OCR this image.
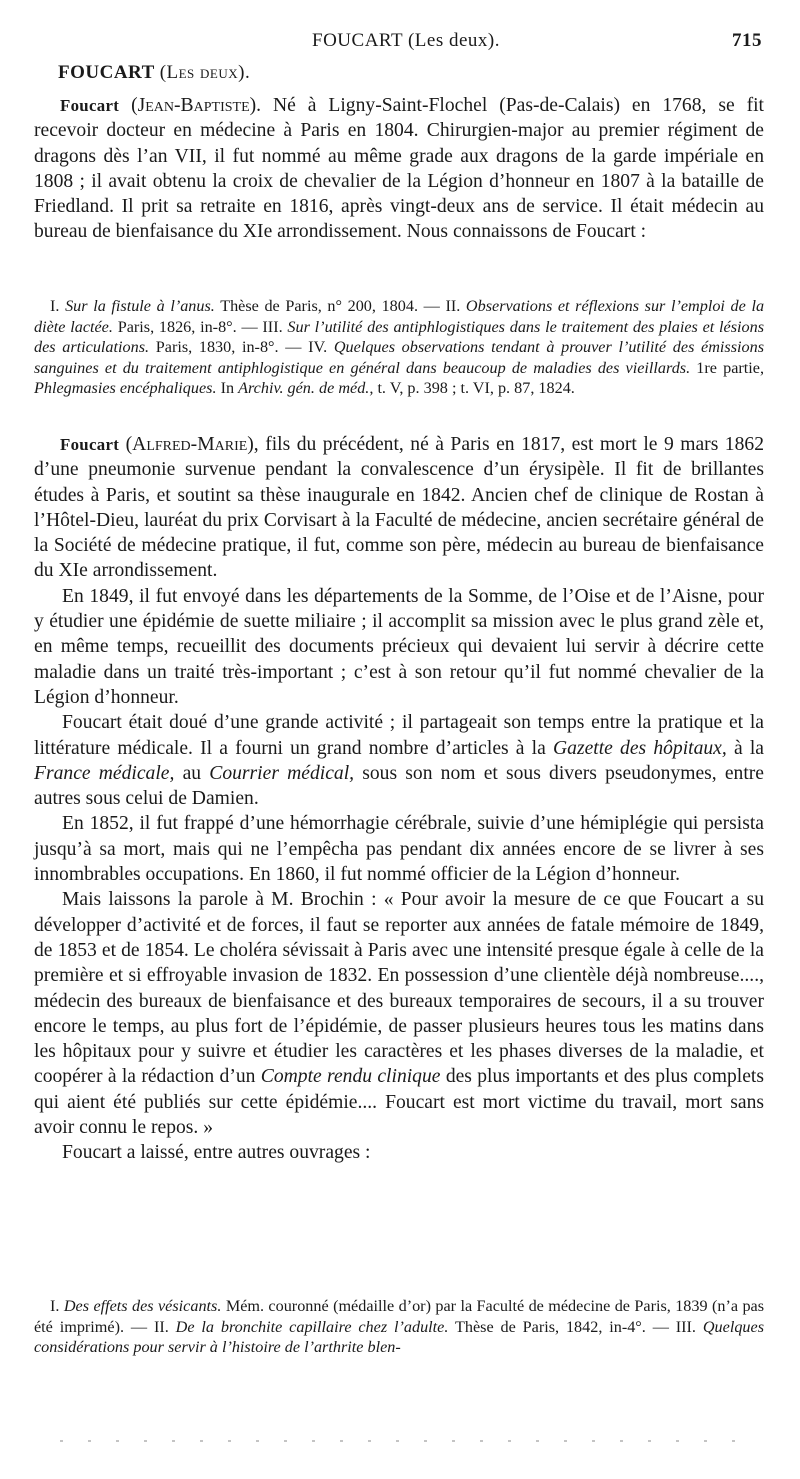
FOUCART (Les deux).	715
FOUCART (Les deux).

Foucart (Jean-Baptiste). Né à Ligny-Saint-Flochel (Pas-de-Calais) en 1768, se fit recevoir docteur en médecine à Paris en 1804. Chirurgien-major au premier régiment de dragons dès l’an VII, il fut nommé au même grade aux dragons de la garde impériale en 1808 ; il avait obtenu la croix de chevalier de la Légion d’honneur en 1807 à la bataille de Friedland. Il prit sa retraite en 1816, après vingt-deux ans de service. Il était médecin au bureau de bienfaisance du XIe arrondissement. Nous connaissons de Foucart :

I. Sur la fistule à l’anus. Thèse de Paris, n° 200, 1804. — II. Observations et réflexions sur l’emploi de la diète lactée. Paris, 1826, in-8°. — III. Sur l’utilité des antiphlogistiques dans le traitement des plaies et lésions des articulations. Paris, 1830, in-8°. — IV. Quelques observations tendant à prouver l’utilité des émissions sanguines et du traitement antiphlogistique en général dans beaucoup de maladies des vieillards. 1re partie, Phlegmasies encéphaliques. In Archiv. gén. de méd., t. V, p. 398 ; t. VI, p. 87, 1824.

Foucart (Alfred-Marie), fils du précédent, né à Paris en 1817, est mort le 9 mars 1862 d’une pneumonie survenue pendant la convalescence d’un érysipèle. Il fit de brillantes études à Paris, et soutint sa thèse inaugurale en 1842. Ancien chef de clinique de Rostan à l’Hôtel-Dieu, lauréat du prix Corvisart à la Faculté de médecine, ancien secrétaire général de la Société de médecine pratique, il fut, comme son père, médecin au bureau de bienfaisance du XIe arrondissement.

En 1849, il fut envoyé dans les départements de la Somme, de l’Oise et de l’Aisne, pour y étudier une épidémie de suette miliaire ; il accomplit sa mission avec le plus grand zèle et, en même temps, recueillit des documents précieux qui devaient lui servir à décrire cette maladie dans un traité très-important ; c’est à son retour qu’il fut nommé chevalier de la Légion d’honneur.

Foucart était doué d’une grande activité ; il partageait son temps entre la pratique et la littérature médicale. Il a fourni un grand nombre d’articles à la Gazette des hôpitaux, à la France médicale, au Courrier médical, sous son nom et sous divers pseudonymes, entre autres sous celui de Damien.

En 1852, il fut frappé d’une hémorrhagie cérébrale, suivie d’une hémiplégie qui persista jusqu’à sa mort, mais qui ne l’empêcha pas pendant dix années encore de se livrer à ses innombrables occupations. En 1860, il fut nommé officier de la Légion d’honneur.

Mais laissons la parole à M. Brochin : « Pour avoir la mesure de ce que Foucart a su développer d’activité et de forces, il faut se reporter aux années de fatale mémoire de 1849, de 1853 et de 1854. Le choléra sévissait à Paris avec une intensité presque égale à celle de la première et si effroyable invasion de 1832. En possession d’une clientèle déjà nombreuse...., médecin des bureaux de bienfaisance et des bureaux temporaires de secours, il a su trouver encore le temps, au plus fort de l’épidémie, de passer plusieurs heures tous les matins dans les hôpitaux pour y suivre et étudier les caractères et les phases diverses de la maladie, et coopérer à la rédaction d’un Compte rendu clinique des plus importants et des plus complets qui aient été publiés sur cette épidémie.... Foucart est mort victime du travail, mort sans avoir connu le repos. »

Foucart a laissé, entre autres ouvrages :

I. Des effets des vésicants. Mém. couronné (médaille d’or) par la Faculté de médecine de Paris, 1839 (n’a pas été imprimé). — II. De la bronchite capillaire chez l’adulte. Thèse de Paris, 1842, in-4°. — III. Quelques considérations pour servir à l’histoire de l’arthrite blen-
